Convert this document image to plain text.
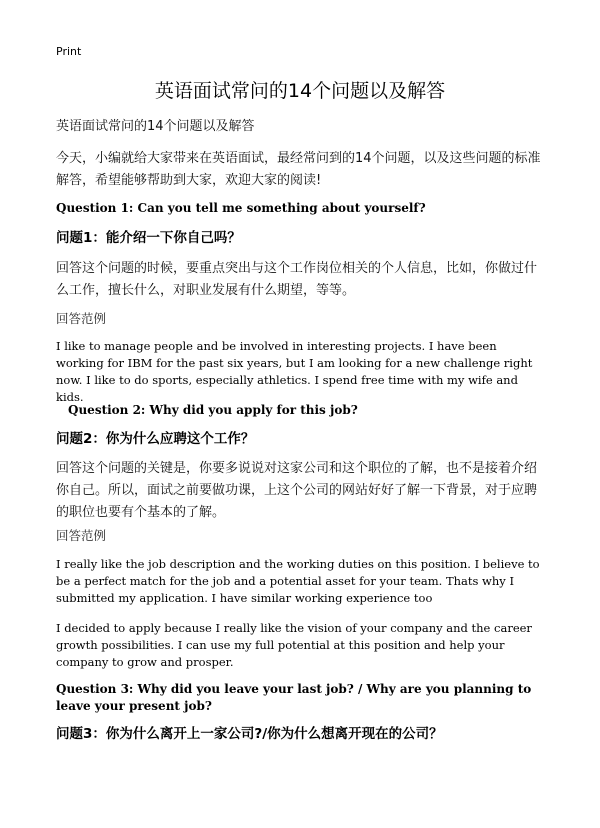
Print
英语面试常问的14个问题以及解答

英语面试常问的14个问题以及解答

今天，小编就给大家带来在英语面试，最经常问到的14个问题，以及这些问题的标准解答，希望能够帮助到大家，欢迎大家的阅读!

Question 1: Can you tell me something about yourself?

问题1：能介绍一下你自己吗？

回答这个问题的时候，要重点突出与这个工作岗位相关的个人信息，比如，你做过什么工作，擅长什么，对职业发展有什么期望，等等。

回答范例

I like to manage people and be involved in interesting projects. I have been working for IBM for the past six years, but I am looking for a new challenge right now. I like to do sports, especially athletics. I spend free time with my wife and kids.

Question 2: Why did you apply for this job?

问题2：你为什么应聘这个工作？

回答这个问题的关键是，你要多说说对这家公司和这个职位的了解，也不是接着介绍你自己。所以，面试之前要做功课，上这个公司的网站好好了解一下背景，对于应聘的职位也要有个基本的了解。

回答范例

I really like the job description and the working duties on this position. I believe to be a perfect match for the job and a potential asset for your team. Thats why I submitted my application. I have similar working experience too

I decided to apply because I really like the vision of your company and the career growth possibilities. I can use my full potential at this position and help your company to grow and prosper.

Question 3: Why did you leave your last job? / Why are you planning to leave your present job?

问题3：你为什么离开上一家公司?/你为什么想离开现在的公司？
